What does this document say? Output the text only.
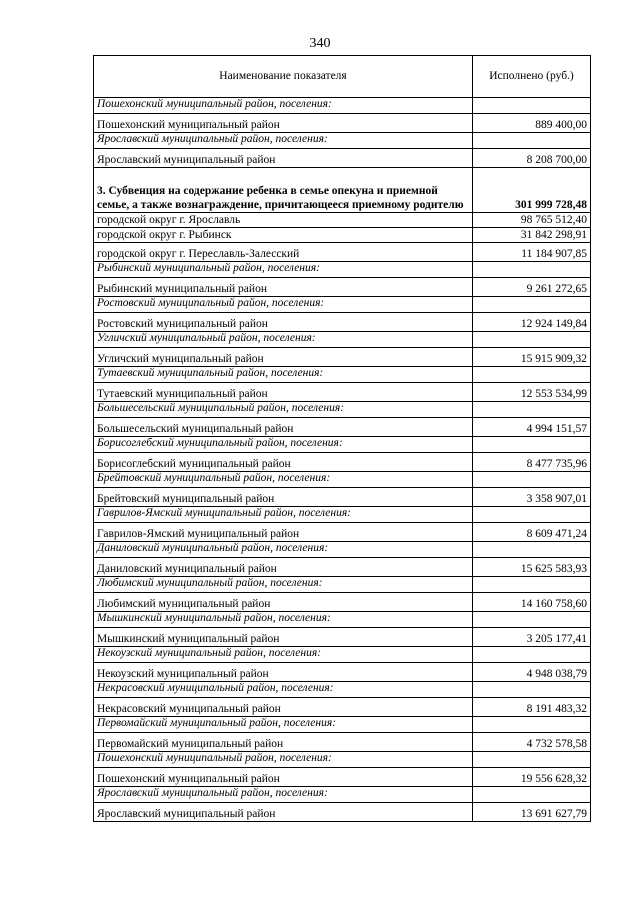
340
Наименование показателя	Исполнено (руб.)
Пошехонский муниципальный район, поселения:	
Пошехонский муниципальный район	889 400,00
Ярославский муниципальный район, поселения:	
Ярославский муниципальный район	8 208 700,00
3. Субвенция на содержание ребенка в семье опекуна и приемной семье, а также вознаграждение, причитающееся приемному родителю	301 999 728,48
городской округ г. Ярославль	98 765 512,40
городской округ г. Рыбинск	31 842 298,91
городской округ г. Переславль-Залесский	11 184 907,85
Рыбинский муниципальный район, поселения:	
Рыбинский муниципальный район	9 261 272,65
Ростовский муниципальный район, поселения:	
Ростовский муниципальный район	12 924 149,84
Угличский муниципальный район, поселения:	
Угличский муниципальный район	15 915 909,32
Тутаевский муниципальный район, поселения:	
Тутаевский муниципальный район	12 553 534,99
Большесельский муниципальный район, поселения:	
Большесельский муниципальный район	4 994 151,57
Борисоглебский муниципальный район, поселения:	
Борисоглебский муниципальный район	8 477 735,96
Брейтовский муниципальный район, поселения:	
Брейтовский муниципальный район	3 358 907,01
Гаврилов-Ямский муниципальный район, поселения:	
Гаврилов-Ямский муниципальный район	8 609 471,24
Даниловский муниципальный район, поселения:	
Даниловский муниципальный район	15 625 583,93
Любимский муниципальный район, поселения:	
Любимский муниципальный район	14 160 758,60
Мышкинский муниципальный район, поселения:	
Мышкинский муниципальный район	3 205 177,41
Некоузский муниципальный район, поселения:	
Некоузский муниципальный район	4 948 038,79
Некрасовский муниципальный район, поселения:	
Некрасовский муниципальный район	8 191 483,32
Первомайский муниципальный район, поселения:	
Первомайский муниципальный район	4 732 578,58
Пошехонский муниципальный район, поселения:	
Пошехонский муниципальный район	19 556 628,32
Ярославский муниципальный район, поселения:	
Ярославский муниципальный район	13 691 627,79
